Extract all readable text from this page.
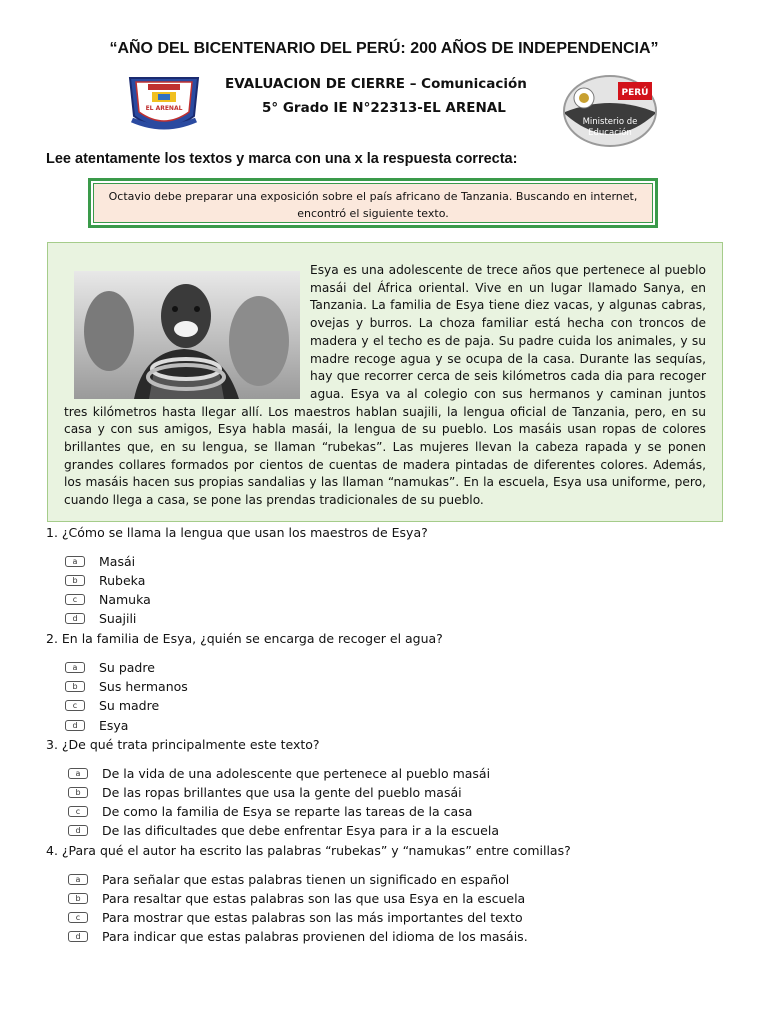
“AÑO DEL BICENTENARIO DEL PERÚ: 200 AÑOS DE INDEPENDENCIA”
EL ARENAL
EVALUACION DE CIERRE – Comunicación
5° Grado IE N°22313-EL ARENAL
PERÚ
Ministerio de
Educación
Lee atentamente los textos y marca con una x la respuesta correcta:
Octavio debe preparar una exposición sobre el país africano de Tanzania. Buscando en internet,
encontró el siguiente texto.
Esya es una adolescente de trece años que pertenece al pueblo masái del África oriental. Vive en un lugar llamado Sanya, en Tanzania. La familia de Esya tiene diez vacas, y algunas cabras, ovejas y burros. La choza familiar está hecha con troncos de madera y el techo es de paja. Su padre cuida los animales, y su madre recoge agua y se ocupa de la casa. Durante las sequías, hay que recorrer cerca de seis kilómetros cada dia para recoger agua. Esya va al colegio con sus hermanos y caminan juntos tres kilómetros hasta llegar allí. Los maestros hablan suajili, la lengua oficial de Tanzania, pero, en su casa y con sus amigos, Esya habla masái, la lengua de su pueblo. Los masáis usan ropas de colores brillantes que, en su lengua, se llaman “rubekas”. Las mujeres llevan la cabeza rapada y se ponen grandes collares formados por cientos de cuentas de madera pintadas de diferentes colores. Además, los masáis hacen sus propias sandalias y las llaman “namukas”. En la escuela, Esya usa uniforme, pero, cuando llega a casa, se pone las prendas tradicionales de su pueblo.
1. ¿Cómo se llama la lengua que usan los maestros de Esya?
a	Masái
b	Rubeka
c	Namuka
d	Suajili
2. En la familia de Esya, ¿quién se encarga de recoger el agua?
a	Su padre
b	Sus hermanos
c	Su madre
d	Esya
3. ¿De qué trata principalmente este texto?
a	De la vida de una adolescente que pertenece al pueblo masái
b	De las ropas brillantes que usa la gente del pueblo masái
c	De como la familia de Esya se reparte las tareas de la casa
d	De las dificultades que debe enfrentar Esya para ir a la escuela
4. ¿Para qué el autor ha escrito las palabras “rubekas” y “namukas” entre comillas?
a	Para señalar que estas palabras tienen un significado en español
b	Para resaltar que estas palabras son las que usa Esya en la escuela
c	Para mostrar que estas palabras son las más importantes del texto
d	Para indicar que estas palabras provienen del idioma de los masáis.
